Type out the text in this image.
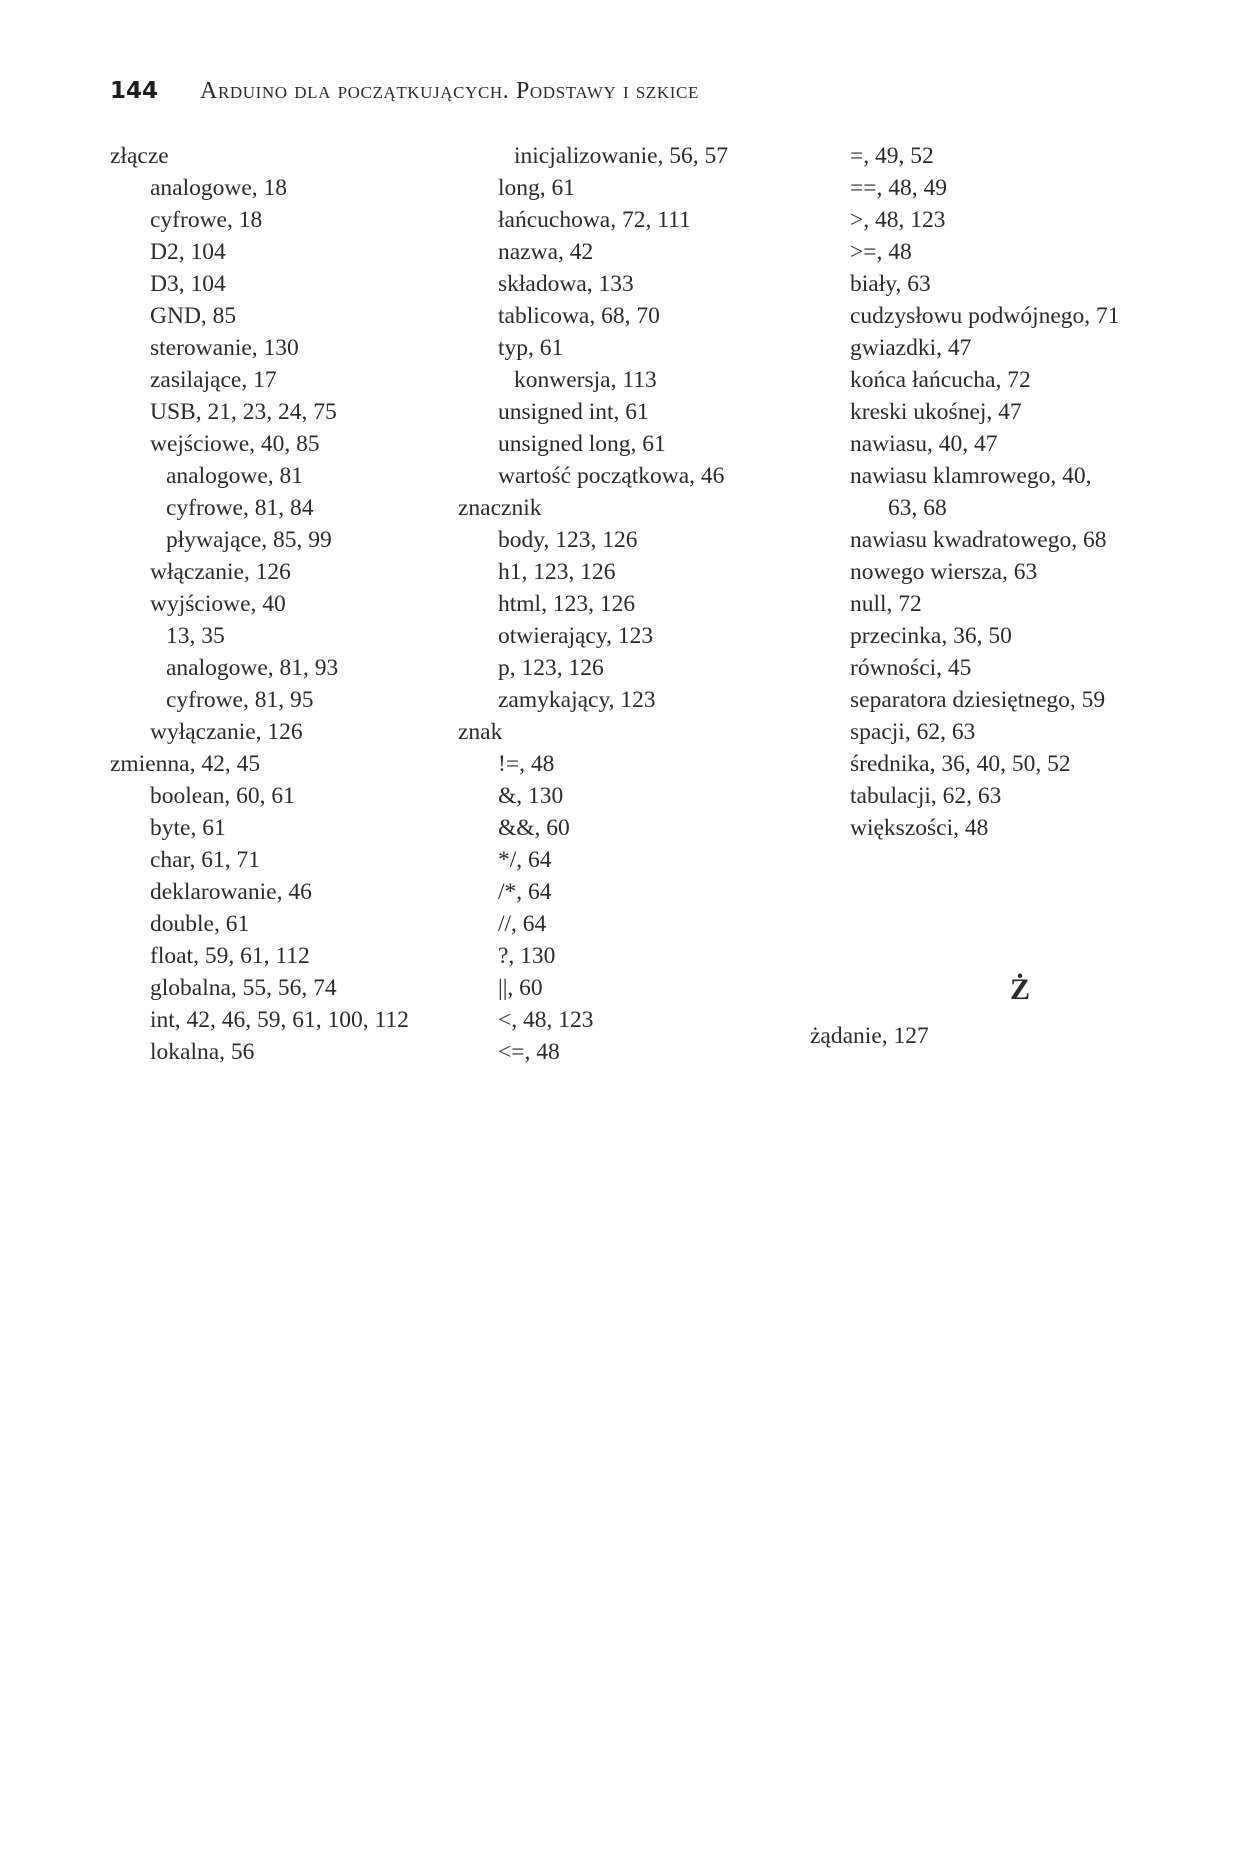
144 Arduino dla początkujących. Podstawy i szkice
złącze
analogowe, 18
cyfrowe, 18
D2, 104
D3, 104
GND, 85
sterowanie, 130
zasilające, 17
USB, 21, 23, 24, 75
wejściowe, 40, 85
analogowe, 81
cyfrowe, 81, 84
pływające, 85, 99
włączanie, 126
wyjściowe, 40
13, 35
analogowe, 81, 93
cyfrowe, 81, 95
wyłączanie, 126
zmienna, 42, 45
boolean, 60, 61
byte, 61
char, 61, 71
deklarowanie, 46
double, 61
float, 59, 61, 112
globalna, 55, 56, 74
int, 42, 46, 59, 61, 100, 112
lokalna, 56
inicjalizowanie, 56, 57
long, 61
łańcuchowa, 72, 111
nazwa, 42
składowa, 133
tablicowa, 68, 70
typ, 61
konwersja, 113
unsigned int, 61
unsigned long, 61
wartość początkowa, 46
znacznik
body, 123, 126
h1, 123, 126
html, 123, 126
otwierający, 123
p, 123, 126
zamykający, 123
znak
!=, 48
&, 130
&&, 60
*/, 64
/*, 64
//, 64
?, 130
||, 60
<, 48, 123
<=, 48
=, 49, 52
==, 48, 49
>, 48, 123
>=, 48
biały, 63
cudzysłowu podwójnego, 71
gwiazdki, 47
końca łańcucha, 72
kreski ukośnej, 47
nawiasu, 40, 47
nawiasu klamrowego, 40,
63, 68
nawiasu kwadratowego, 68
nowego wiersza, 63
null, 72
przecinka, 36, 50
równości, 45
separatora dziesiętnego, 59
spacji, 62, 63
średnika, 36, 40, 50, 52
tabulacji, 62, 63
większości, 48
Ż
żądanie, 127
